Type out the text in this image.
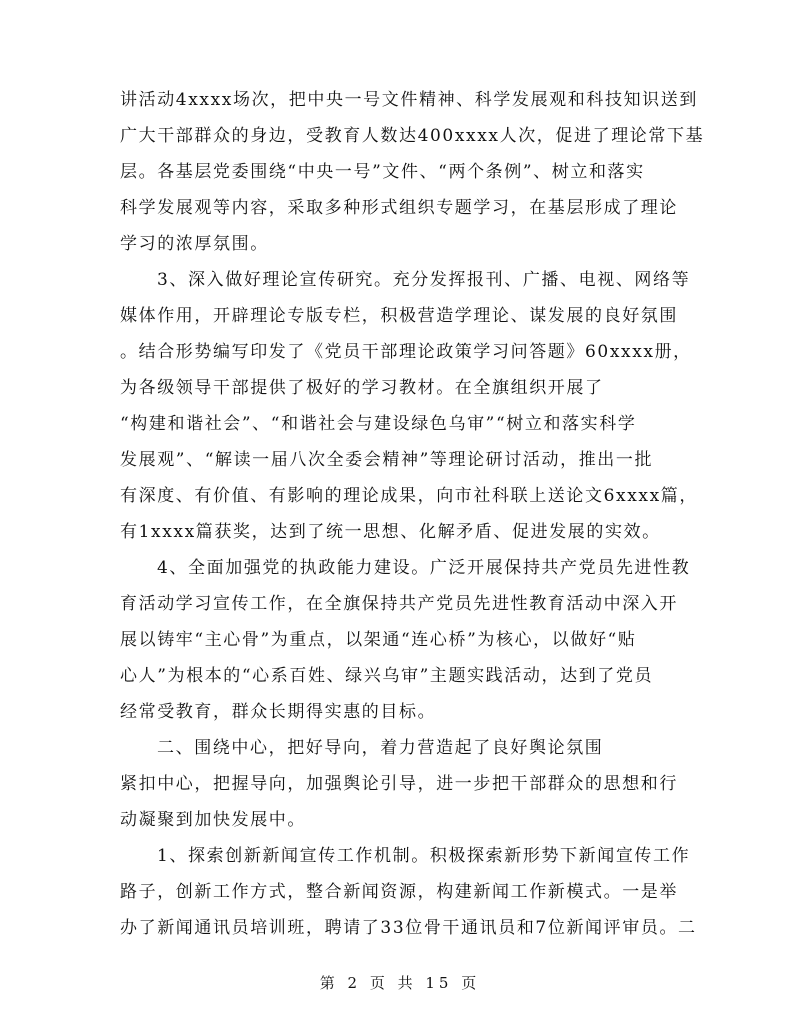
讲活动4xxxx场次，把中央一号文件精神、科学发展观和科技知识送到
广大干部群众的身边，受教育人数达400xxxx人次，促进了理论常下基
层。各基层党委围绕“中央一号”文件、“两个条例”、树立和落实
科学发展观等内容，采取多种形式组织专题学习，在基层形成了理论
学习的浓厚氛围。
3、深入做好理论宣传研究。充分发挥报刊、广播、电视、网络等
媒体作用，开辟理论专版专栏，积极营造学理论、谋发展的良好氛围
。结合形势编写印发了《党员干部理论政策学习问答题》60xxxx册，
为各级领导干部提供了极好的学习教材。在全旗组织开展了
“构建和谐社会”、“和谐社会与建设绿色乌审”“树立和落实科学
发展观”、“解读一届八次全委会精神”等理论研讨活动，推出一批
有深度、有价值、有影响的理论成果，向市社科联上送论文6xxxx篇，
有1xxxx篇获奖，达到了统一思想、化解矛盾、促进发展的实效。
4、全面加强党的执政能力建设。广泛开展保持共产党员先进性教
育活动学习宣传工作，在全旗保持共产党员先进性教育活动中深入开
展以铸牢“主心骨”为重点，以架通“连心桥”为核心，以做好“贴
心人”为根本的“心系百姓、绿兴乌审”主题实践活动，达到了党员
经常受教育，群众长期得实惠的目标。
二、围绕中心，把好导向，着力营造起了良好舆论氛围
紧扣中心，把握导向，加强舆论引导，进一步把干部群众的思想和行
动凝聚到加快发展中。
1、探索创新新闻宣传工作机制。积极探索新形势下新闻宣传工作
路子，创新工作方式，整合新闻资源，构建新闻工作新模式。一是举
办了新闻通讯员培训班，聘请了33位骨干通讯员和7位新闻评审员。二
第 2 页 共 15 页
